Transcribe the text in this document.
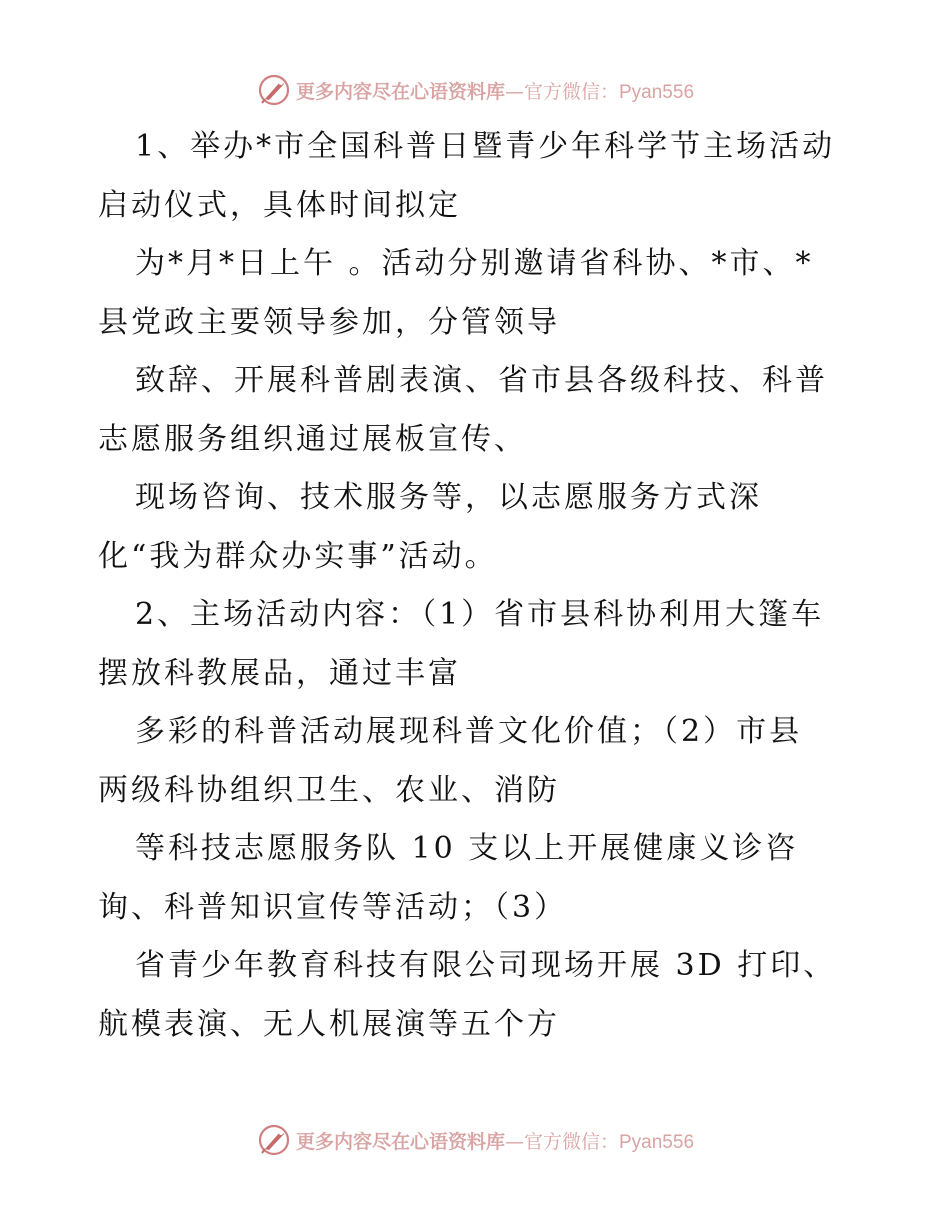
更多内容尽在心语资料库—官方微信：Pyan556
1、举办*市全国科普日暨青少年科学节主场活动
启动仪式，具体时间拟定
为*月*日上午 。活动分别邀请省科协、*市、*
县党政主要领导参加，分管领导
致辞、开展科普剧表演、省市县各级科技、科普
志愿服务组织通过展板宣传、
现场咨询、技术服务等，以志愿服务方式深
化“我为群众办实事”活动。
2、主场活动内容：（1）省市县科协利用大篷车
摆放科教展品，通过丰富
多彩的科普活动展现科普文化价值；（2）市县
两级科协组织卫生、农业、消防
等科技志愿服务队 10 支以上开展健康义诊咨
询、科普知识宣传等活动；（3）
省青少年教育科技有限公司现场开展 3D 打印、
航模表演、无人机展演等五个方
更多内容尽在心语资料库—官方微信：Pyan556
